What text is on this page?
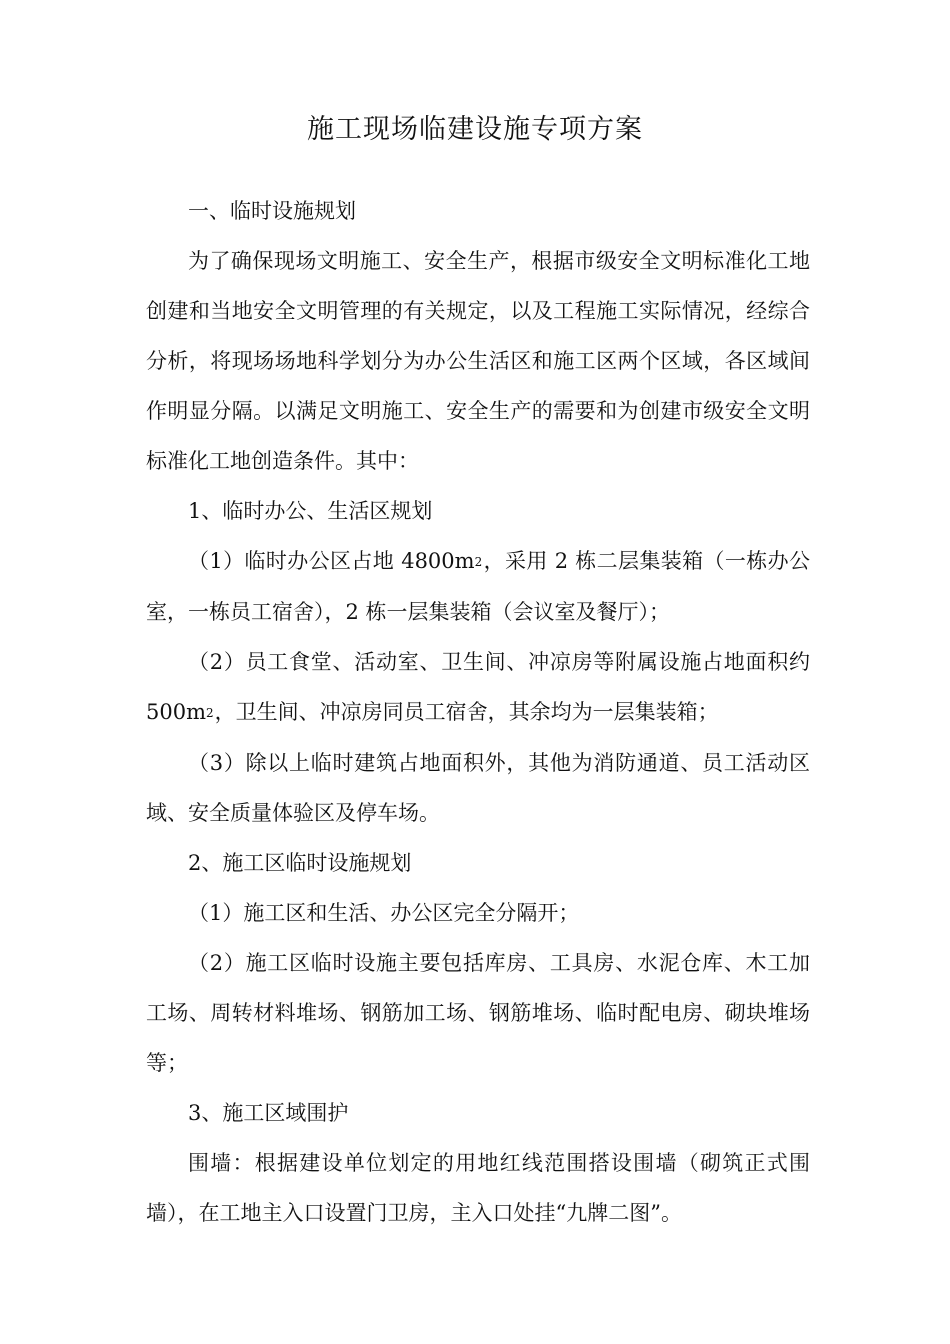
施工现场临建设施专项方案

一、临时设施规划

为了确保现场文明施工、安全生产，根据市级安全文明标准化工地创建和当地安全文明管理的有关规定，以及工程施工实际情况，经综合分析，将现场场地科学划分为办公生活区和施工区两个区域，各区域间作明显分隔。以满足文明施工、安全生产的需要和为创建市级安全文明标准化工地创造条件。其中：

1、临时办公、生活区规划

（1）临时办公区占地 4800m2，采用 2 栋二层集装箱（一栋办公室，一栋员工宿舍），2 栋一层集装箱（会议室及餐厅）；

（2）员工食堂、活动室、卫生间、冲凉房等附属设施占地面积约 500m2，卫生间、冲凉房同员工宿舍，其余均为一层集装箱；

（3）除以上临时建筑占地面积外，其他为消防通道、员工活动区域、安全质量体验区及停车场。

2、施工区临时设施规划

（1）施工区和生活、办公区完全分隔开；

（2）施工区临时设施主要包括库房、工具房、水泥仓库、木工加工场、周转材料堆场、钢筋加工场、钢筋堆场、临时配电房、砌块堆场等；

3、施工区域围护

围墙：根据建设单位划定的用地红线范围搭设围墙（砌筑正式围墙），在工地主入口设置门卫房，主入口处挂“九牌二图”。
